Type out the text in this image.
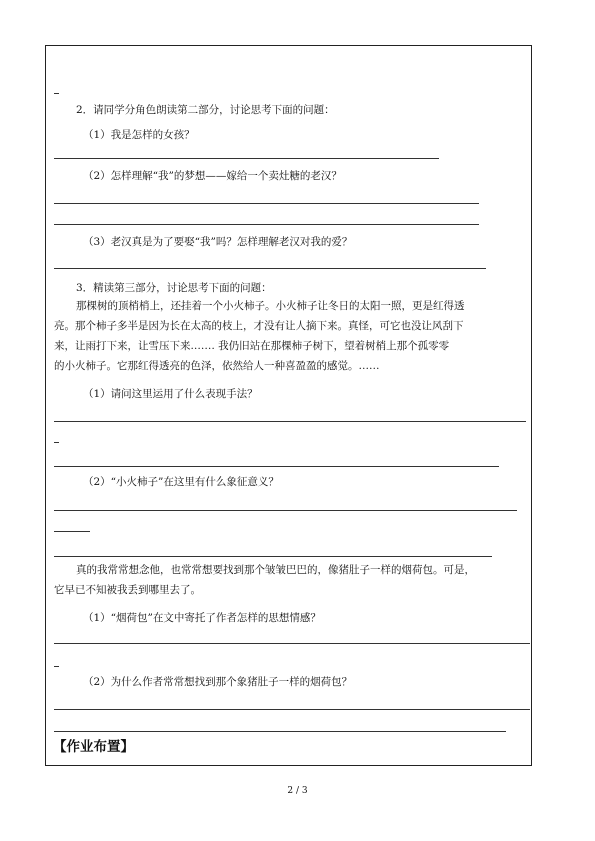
2．请同学分角色朗读第二部分，讨论思考下面的问题：
（1）我是怎样的女孩？
（2）怎样理解“我”的梦想——嫁给一个卖灶糖的老汉？
（3）老汉真是为了要娶“我”吗？怎样理解老汉对我的爱？
3．精读第三部分，讨论思考下面的问题：
那棵树的顶梢梢上，还挂着一个小火柿子。小火柿子让冬日的太阳一照，更是红得透
亮。那个柿子多半是因为长在太高的枝上，才没有让人摘下来。真怪，可它也没让风刮下
来，让雨打下来，让雪压下来.…… 我仍旧站在那棵柿子树下，望着树梢上那个孤零零
的小火柿子。它那红得透亮的色泽，依然给人一种喜盈盈的感觉。……
（1）请问这里运用了什么表现手法？
（2）“小火柿子”在这里有什么象征意义？
真的我常常想念他，也常常想要找到那个皱皱巴巴的，像猪肚子一样的烟荷包。可是，
它早已不知被我丢到哪里去了。
（1）“烟荷包”在文中寄托了作者怎样的思想情感？
（2）为什么作者常常想找到那个象猪肚子一样的烟荷包？
【作业布置】
2 / 3
